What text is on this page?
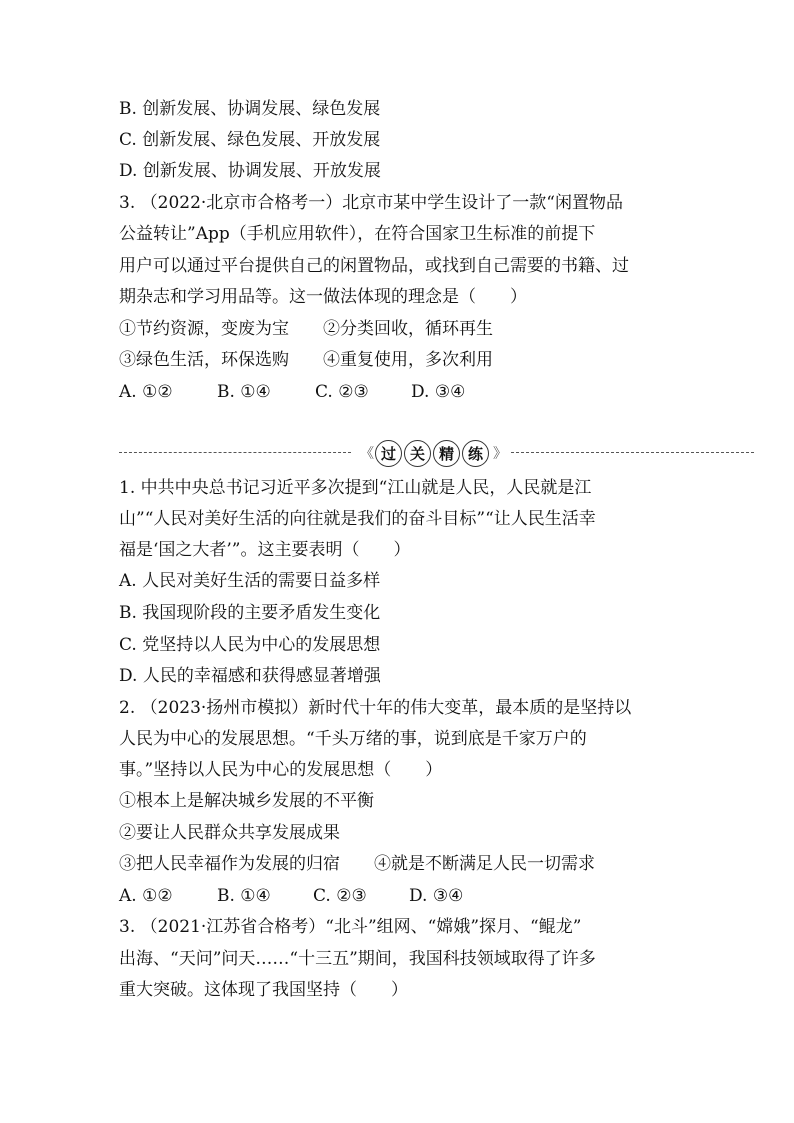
B. 创新发展、协调发展、绿色发展
C. 创新发展、绿色发展、开放发展
D. 创新发展、协调发展、开放发展
3. （2022·北京市合格考一）北京市某中学生设计了一款“闲置物品
公益转让”App（手机应用软件），在符合国家卫生标准的前提下
用户可以通过平台提供自己的闲置物品，或找到自己需要的书籍、过
期杂志和学习用品等。这一做法体现的理念是（　　）
①节约资源，变废为宝　　②分类回收，循环再生
③绿色生活，环保选购　　④重复使用，多次利用
A. ①②	B. ①④	C. ②③ D. ③④
《 过 关 精 练 》
1. 中共中央总书记习近平多次提到“江山就是人民，人民就是江
山”“人民对美好生活的向往就是我们的奋斗目标”“让人民生活幸
福是‘国之大者’”。这主要表明（　　）
A. 人民对美好生活的需要日益多样
B. 我国现阶段的主要矛盾发生变化
C. 党坚持以人民为中心的发展思想
D. 人民的幸福感和获得感显著增强
2. （2023·扬州市模拟）新时代十年的伟大变革，最本质的是坚持以
人民为中心的发展思想。“千头万绪的事，说到底是千家万户的
事。”坚持以人民为中心的发展思想（　　）
①根本上是解决城乡发展的不平衡
②要让人民群众共享发展成果
③把人民幸福作为发展的归宿　　④就是不断满足人民一切需求
A. ①②	B. ①④ C. ②③ D. ③④
3. （2021·江苏省合格考）“北斗”组网、“嫦娥”探月、“鲲龙”
出海、“天问”问天……“十三五”期间，我国科技领域取得了许多
重大突破。这体现了我国坚持（　　）
